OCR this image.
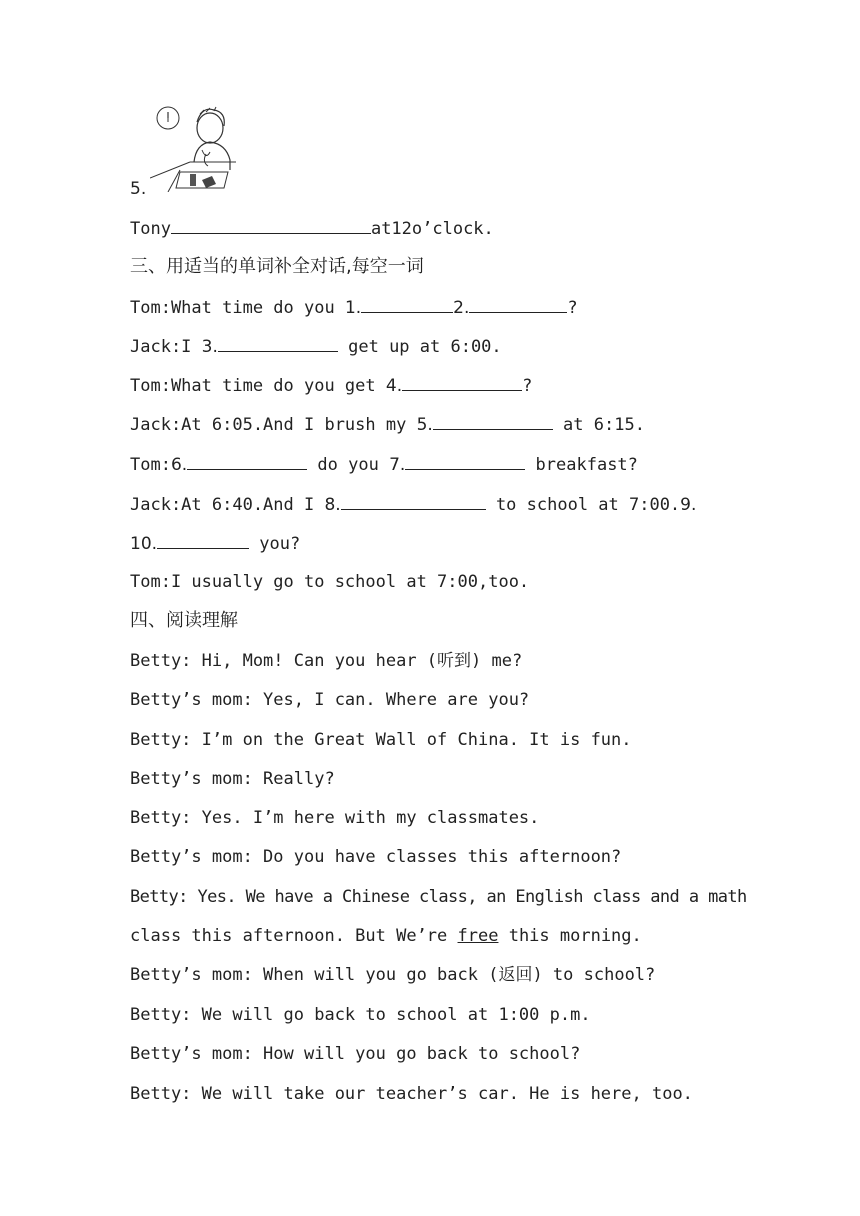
5.
Tony	at12o’clock.
三、用适当的单词补全对话,每空一词
Tom:What time do you 1.	2.	?
Jack:I 3.	get up at 6:00.
Tom:What time do you get 4.	?
Jack:At 6:05.And I brush my 5.	at 6:15.
Tom:6.	do you 7.	breakfast?
Jack:At 6:40.And I 8.	to school at 7:00.9.
10.	you?
Tom:I usually go to school at 7:00,too.
四、阅读理解
Betty: Hi, Mom! Can you hear (听到) me?
Betty’s mom: Yes, I can. Where are you?
Betty: I’m on the Great Wall of China. It is fun.
Betty’s mom: Really?
Betty: Yes. I’m here with my classmates.
Betty’s mom: Do you have classes this afternoon?
Betty: Yes. We have a Chinese class, an English class and a math
class this afternoon. But We’re free this morning.
Betty’s mom: When will you go back (返回) to school?
Betty: We will go back to school at 1:00 p.m.
Betty’s mom: How will you go back to school?
Betty: We will take our teacher’s car. He is here, too.
